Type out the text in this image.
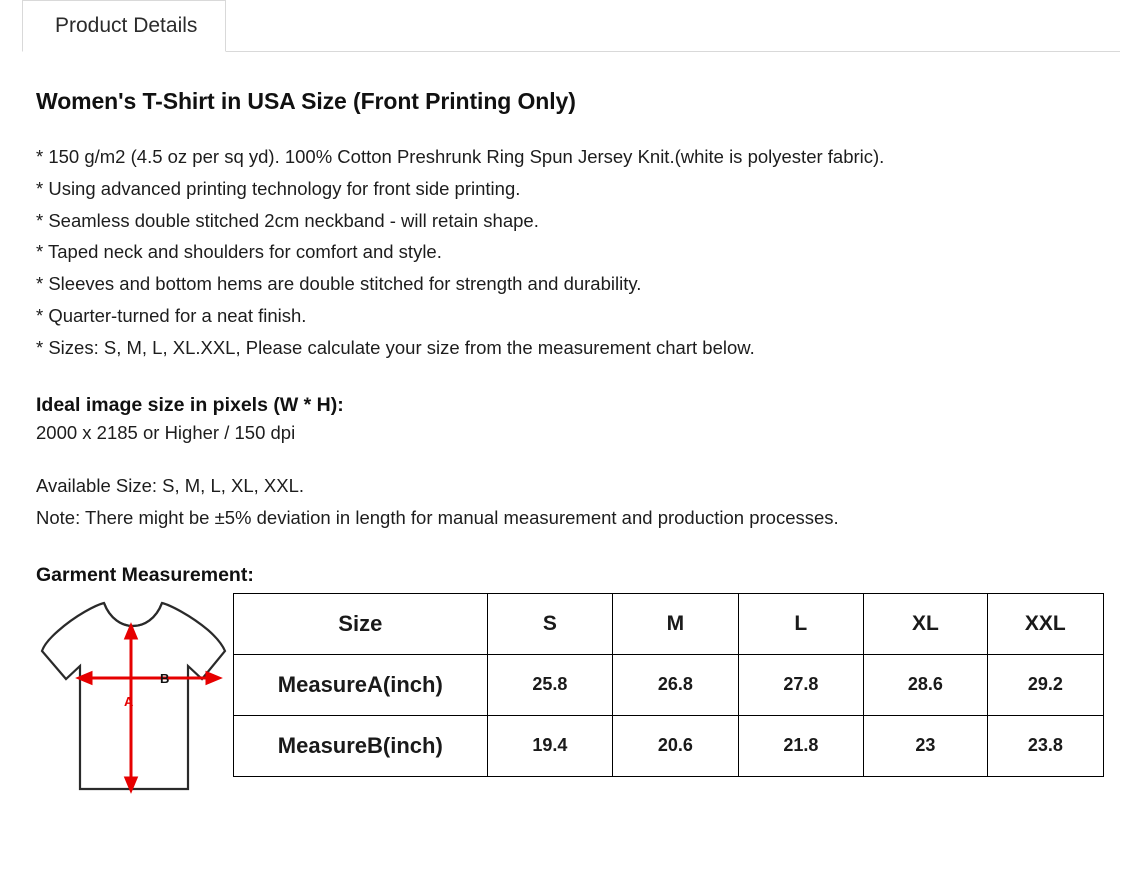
Product Details
Women's T-Shirt in USA Size (Front Printing Only)
* 150 g/m2 (4.5 oz per sq yd). 100% Cotton Preshrunk Ring Spun Jersey Knit.(white is polyester fabric).
* Using advanced printing technology for front side printing.
* Seamless double stitched 2cm neckband - will retain shape.
* Taped neck and shoulders for comfort and style.
* Sleeves and bottom hems are double stitched for strength and durability.
* Quarter-turned for a neat finish.
* Sizes: S, M, L, XL.XXL, Please calculate your size from the measurement chart below.
Ideal image size in pixels (W * H):
2000 x 2185 or Higher / 150 dpi
Available Size: S, M, L, XL, XXL.
Note: There might be ±5% deviation in length for manual measurement and production processes.
Garment Measurement:
A
B
Size	S	M	L	XL	XXL
MeasureA(inch)	25.8	26.8	27.8	28.6	29.2
MeasureB(inch)	19.4	20.6	21.8	23	23.8
